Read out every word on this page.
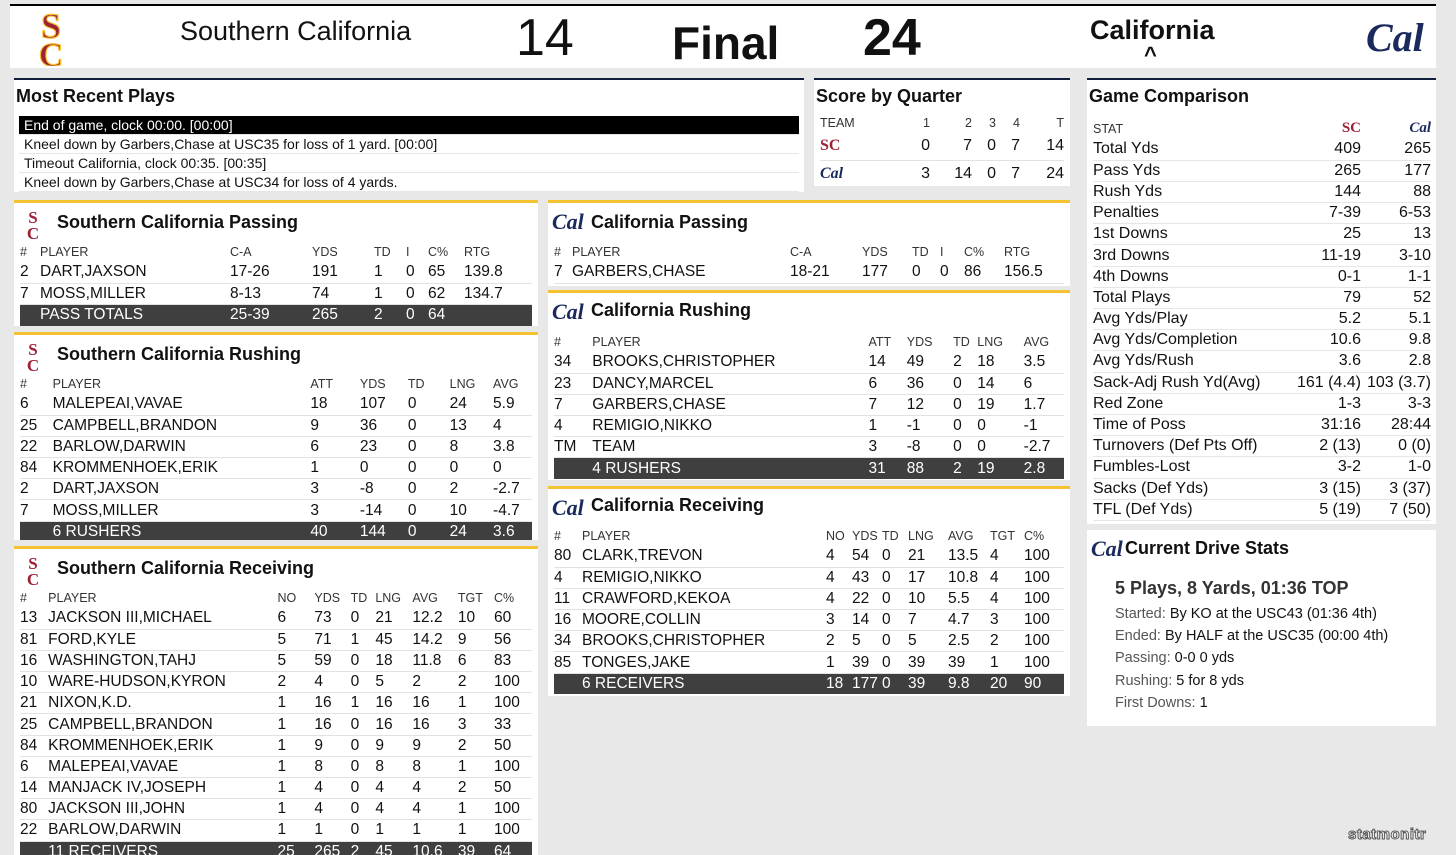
S
C
Southern California 14 Final 24	California
^	Cal
Most Recent Plays
End of game, clock 00:00. [00:00]
Kneel down by Garbers,Chase at USC35 for loss of 1 yard. [00:00]
Timeout California, clock 00:35. [00:35]
Kneel down by Garbers,Chase at USC34 for loss of 4 yards.
Score by Quarter
TEAM	1	2	3	4	T
SC	0	7	0	7	14
Cal	3	14	0	7	24
Game Comparison
STAT	SC	Cal
Total Yds	409	265
Pass Yds	265	177
Rush Yds	144	88
Penalties	7-39	6-53
1st Downs	25	13
3rd Downs	11-19	3-10
4th Downs	0-1	1-1
Total Plays	79	52
Avg Yds/Play	5.2	5.1
Avg Yds/Completion	10.6	9.8
Avg Yds/Rush	3.6	2.8
Sack-Adj Rush Yd(Avg)	161 (4.4)	103 (3.7)
Red Zone	1-3	3-3
Time of Poss	31:16	28:44
Turnovers (Def Pts Off)	2 (13)	0 (0)
Fumbles-Lost	3-2	1-0
Sacks (Def Yds)	3 (15)	3 (37)
TFL (Def Yds)	5 (19)	7 (50)
S
C
Southern California Passing
#	PLAYER	C-A	YDS	TD	I	C%	RTG
2	DART,JAXSON	17-26	191	1	0	65	139.8
7	MOSS,MILLER	8-13	74	1	0	62	134.7
	PASS TOTALS	25-39	265	2	0	64	
S
C
Southern California Rushing
#	PLAYER	ATT	YDS	TD	LNG	AVG
6	MALEPEAI,VAVAE	18	107	0	24	5.9
25	CAMPBELL,BRANDON	9	36	0	13	4
22	BARLOW,DARWIN	6	23	0	8	3.8
84	KROMMENHOEK,ERIK	1	0	0	0	0
2	DART,JAXSON	3	-8	0	2	-2.7
7	MOSS,MILLER	3	-14	0	10	-4.7
	6 RUSHERS	40	144	0	24	3.6
S
C
Southern California Receiving
#	PLAYER	NO	YDS	TD	LNG	AVG	TGT	C%
13	JACKSON III,MICHAEL	6	73	0	21	12.2	10	60
81	FORD,KYLE	5	71	1	45	14.2	9	56
16	WASHINGTON,TAHJ	5	59	0	18	11.8	6	83
10	WARE-HUDSON,KYRON	2	4	0	5	2	2	100
21	NIXON,K.D.	1	16	1	16	16	1	100
25	CAMPBELL,BRANDON	1	16	0	16	16	3	33
84	KROMMENHOEK,ERIK	1	9	0	9	9	2	50
6	MALEPEAI,VAVAE	1	8	0	8	8	1	100
14	MANJACK IV,JOSEPH	1	4	0	4	4	2	50
80	JACKSON III,JOHN	1	4	0	4	4	1	100
22	BARLOW,DARWIN	1	1	0	1	1	1	100
	11 RECEIVERS	25	265	2	45	10.6	39	64
Cal California Passing
#	PLAYER	C-A	YDS	TD	I	C%	RTG
7	GARBERS,CHASE	18-21	177	0	0	86	156.5
Cal California Rushing
#	PLAYER	ATT	YDS	TD	LNG	AVG
34	BROOKS,CHRISTOPHER	14	49	2	18	3.5
23	DANCY,MARCEL	6	36	0	14	6
7	GARBERS,CHASE	7	12	0	19	1.7
4	REMIGIO,NIKKO	1	-1	0	0	-1
TM	TEAM	3	-8	0	0	-2.7
	4 RUSHERS	31	88	2	19	2.8
Cal California Receiving
#	PLAYER	NO	YDS	TD	LNG	AVG	TGT	C%
80	CLARK,TREVON	4	54	0	21	13.5	4	100
4	REMIGIO,NIKKO	4	43	0	17	10.8	4	100
11	CRAWFORD,KEKOA	4	22	0	10	5.5	4	100
16	MOORE,COLLIN	3	14	0	7	4.7	3	100
34	BROOKS,CHRISTOPHER	2	5	0	5	2.5	2	100
85	TONGES,JAKE	1	39	0	39	39	1	100
	6 RECEIVERS	18	177	0	39	9.8	20	90
Cal Current Drive Stats
5 Plays, 8 Yards, 01:36 TOP
Started: By KO at the USC43 (01:36 4th)
Ended: By HALF at the USC35 (00:00 4th)
Passing: 0-0 0 yds
Rushing: 5 for 8 yds
First Downs: 1
statmonitr
